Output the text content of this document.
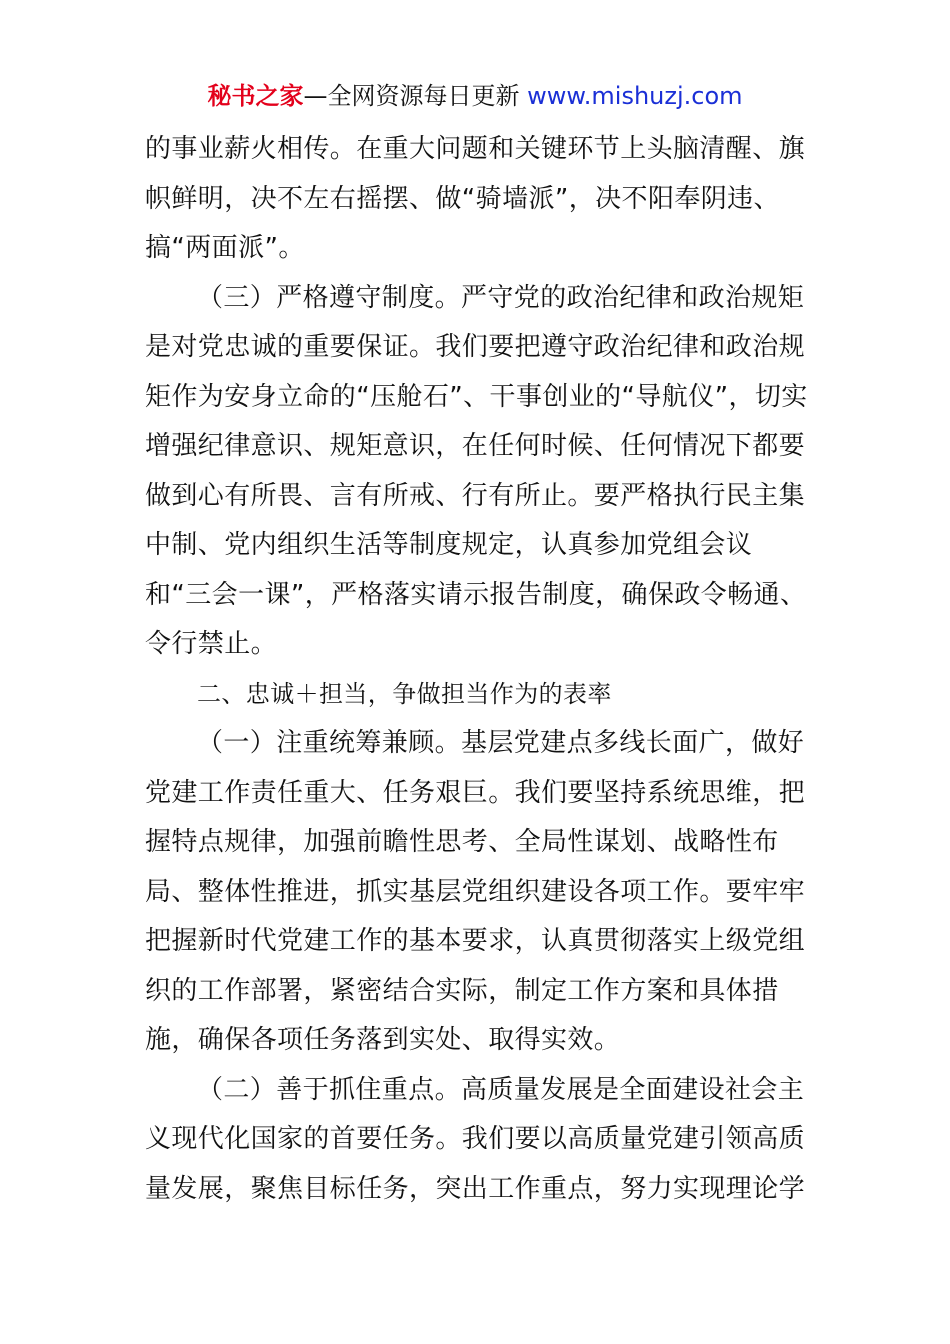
秘书之家—全网资源每日更新 www.mishuzj.com

的事业薪火相传。在重大问题和关键环节上头脑清醒、旗帜鲜明，决不左右摇摆、做“骑墙派”，决不阳奉阴违、搞“两面派”。

（三）严格遵守制度。严守党的政治纪律和政治规矩是对党忠诚的重要保证。我们要把遵守政治纪律和政治规矩作为安身立命的“压舱石”、干事创业的“导航仪”，切实增强纪律意识、规矩意识，在任何时候、任何情况下都要做到心有所畏、言有所戒、行有所止。要严格执行民主集中制、党内组织生活等制度规定，认真参加党组会议和“三会一课”，严格落实请示报告制度，确保政令畅通、令行禁止。

二、忠诚＋担当，争做担当作为的表率

（一）注重统筹兼顾。基层党建点多线长面广，做好党建工作责任重大、任务艰巨。我们要坚持系统思维，把握特点规律，加强前瞻性思考、全局性谋划、战略性布局、整体性推进，抓实基层党组织建设各项工作。要牢牢把握新时代党建工作的基本要求，认真贯彻落实上级党组织的工作部署，紧密结合实际，制定工作方案和具体措施，确保各项任务落到实处、取得实效。

（二）善于抓住重点。高质量发展是全面建设社会主义现代化国家的首要任务。我们要以高质量党建引领高质量发展，聚焦目标任务，突出工作重点，努力实现理论学
